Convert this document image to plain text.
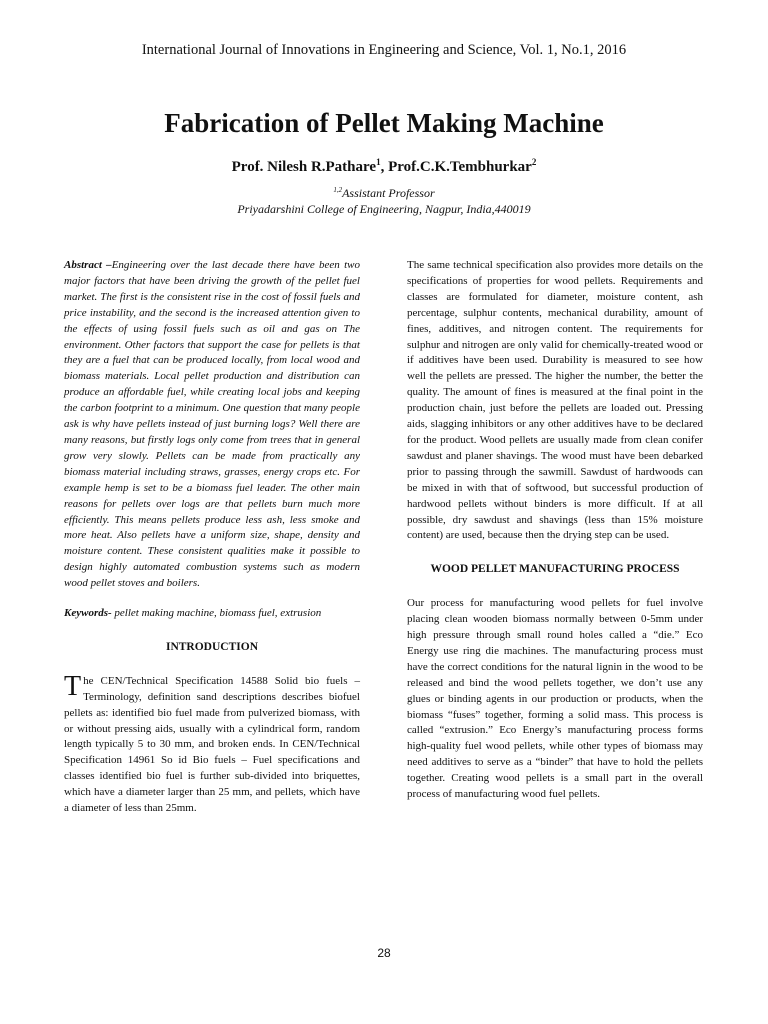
International Journal of Innovations in Engineering and Science, Vol. 1, No.1, 2016
Fabrication of Pellet Making Machine
Prof. Nilesh R.Pathare$^1$, Prof.C.K.Tembhurkar$^2$
$^{1,2}$Assistant Professor
Priyadarshini College of Engineering, Nagpur, India,440019

Abstract –Engineering over the last decade there have been two major factors that have been driving the growth of the pellet fuel market. The first is the consistent rise in the cost of fossil fuels and price instability, and the second is the increased attention given to the effects of using fossil fuels such as oil and gas on The environment. Other factors that support the case for pellets is that they are a fuel that can be produced locally, from local wood and biomass materials. Local pellet production and distribution can produce an affordable fuel, while creating local jobs and keeping the carbon footprint to a minimum. One question that many people ask is why have pellets instead of just burning logs? Well there are many reasons, but firstly logs only come from trees that in general grow very slowly. Pellets can be made from practically any biomass material including straws, grasses, energy crops etc. For example hemp is set to be a biomass fuel leader. The other main reasons for pellets over logs are that pellets burn much more efficiently. This means pellets produce less ash, less smoke and more heat. Also pellets have a uniform size, shape, density and moisture content. These consistent qualities make it possible to design highly automated combustion systems such as modern wood pellet stoves and boilers.

Keywords- pellet making machine, biomass fuel, extrusion

INTRODUCTION

The CEN/Technical Specification 14588 Solid bio fuels – Terminology, definition sand descriptions describes biofuel pellets as: identified bio fuel made from pulverized biomass, with or without pressing aids, usually with a cylindrical form, random length typically 5 to 30 mm, and broken ends. In CEN/Technical Specification 14961 So id Bio fuels – Fuel specifications and classes identified bio fuel is further sub-divided into briquettes, which have a diameter larger than 25 mm, and pellets, which have a diameter of less than 25mm.

The same technical specification also provides more details on the specifications of properties for wood pellets. Requirements and classes are formulated for diameter, moisture content, ash percentage, sulphur contents, mechanical durability, amount of fines, additives, and nitrogen content. The requirements for sulphur and nitrogen are only valid for chemically-treated wood or if additives have been used. Durability is measured to see how well the pellets are pressed. The higher the number, the better the quality. The amount of fines is measured at the final point in the production chain, just before the pellets are loaded out. Pressing aids, slagging inhibitors or any other additives have to be declared for the product. Wood pellets are usually made from clean conifer sawdust and planer shavings. The wood must have been debarked prior to passing through the sawmill. Sawdust of hardwoods can be mixed in with that of softwood, but successful production of hardwood pellets without binders is more difficult. If at all possible, dry sawdust and shavings (less than 15% moisture content) are used, because then the drying step can be used.

WOOD PELLET MANUFACTURING PROCESS

Our process for manufacturing wood pellets for fuel involve placing clean wooden biomass normally between 0-5mm under high pressure through small round holes called a “die.” Eco Energy use ring die machines. The manufacturing process must have the correct conditions for the natural lignin in the wood to be released and bind the wood pellets together, we don’t use any glues or binding agents in our production or products, when the biomass “fuses” together, forming a solid mass. This process is called “extrusion.” Eco Energy’s manufacturing process forms high-quality fuel wood pellets, while other types of biomass may need additives to serve as a “binder” that have to hold the pellets together. Creating wood pellets is a small part in the overall process of manufacturing wood fuel pellets.

28
